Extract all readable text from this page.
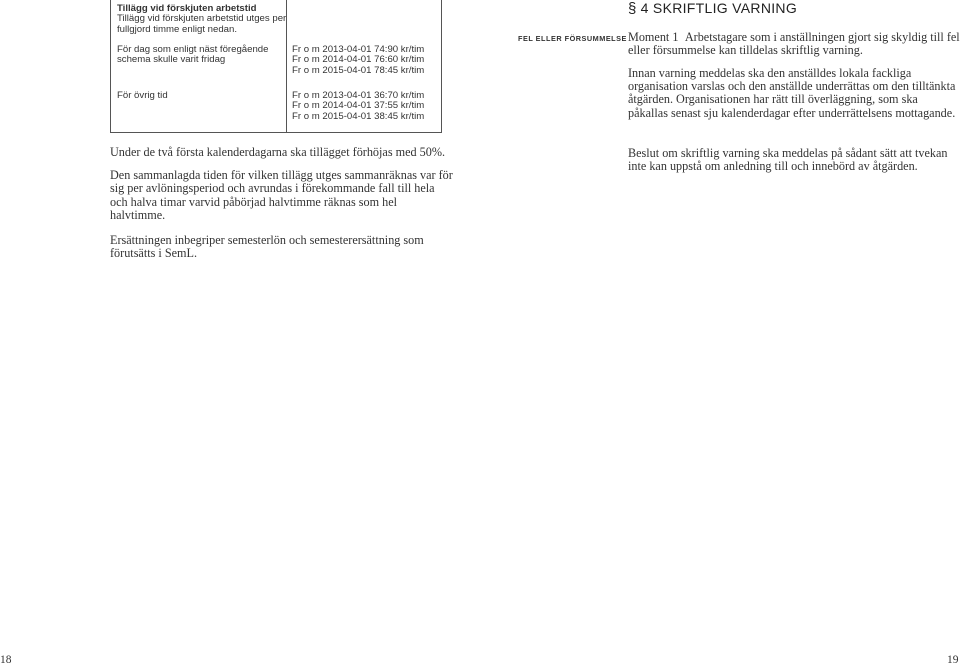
Tillägg vid förskjuten arbetstid
Tillägg vid förskjuten arbetstid utges per
fullgjord timme enligt nedan.
För dag som enligt näst föregående
schema skulle varit fridag
Fr o m 2013-04-01 74:90 kr/tim
Fr o m 2014-04-01 76:60 kr/tim
Fr o m 2015-04-01 78:45 kr/tim
För övrig tid	Fr o m 2013-04-01 36:70 kr/tim
Fr o m 2014-04-01 37:55 kr/tim
Fr o m 2015-04-01 38:45 kr/tim
Under de två första kalenderdagarna ska tillägget förhöjas med 50%.
Den sammanlagda tiden för vilken tillägg utges sammanräknas var för sig per avlöningsperiod och avrundas i förekommande fall till hela och halva timar varvid påbörjad halvtimme räknas som hel halvtimme.
Ersättningen inbegriper semesterlön och semesterersättning som förutsätts i SemL.
18
FEL ELLER FÖRSUMMELSE
§ 4 SKRIFTLIG VARNING
Moment 1 Arbetstagare som i anställningen gjort sig skyldig till fel eller försummelse kan tilldelas skriftlig varning.
Innan varning meddelas ska den anställdes lokala fackliga organisation varslas och den anställde underrättas om den tilltänkta åtgärden. Organisationen har rätt till överläggning, som ska påkallas senast sju kalenderdagar efter underrättelsens mottagande.
Beslut om skriftlig varning ska meddelas på sådant sätt att tvekan inte kan uppstå om anledning till och innebörd av åtgärden.
19
